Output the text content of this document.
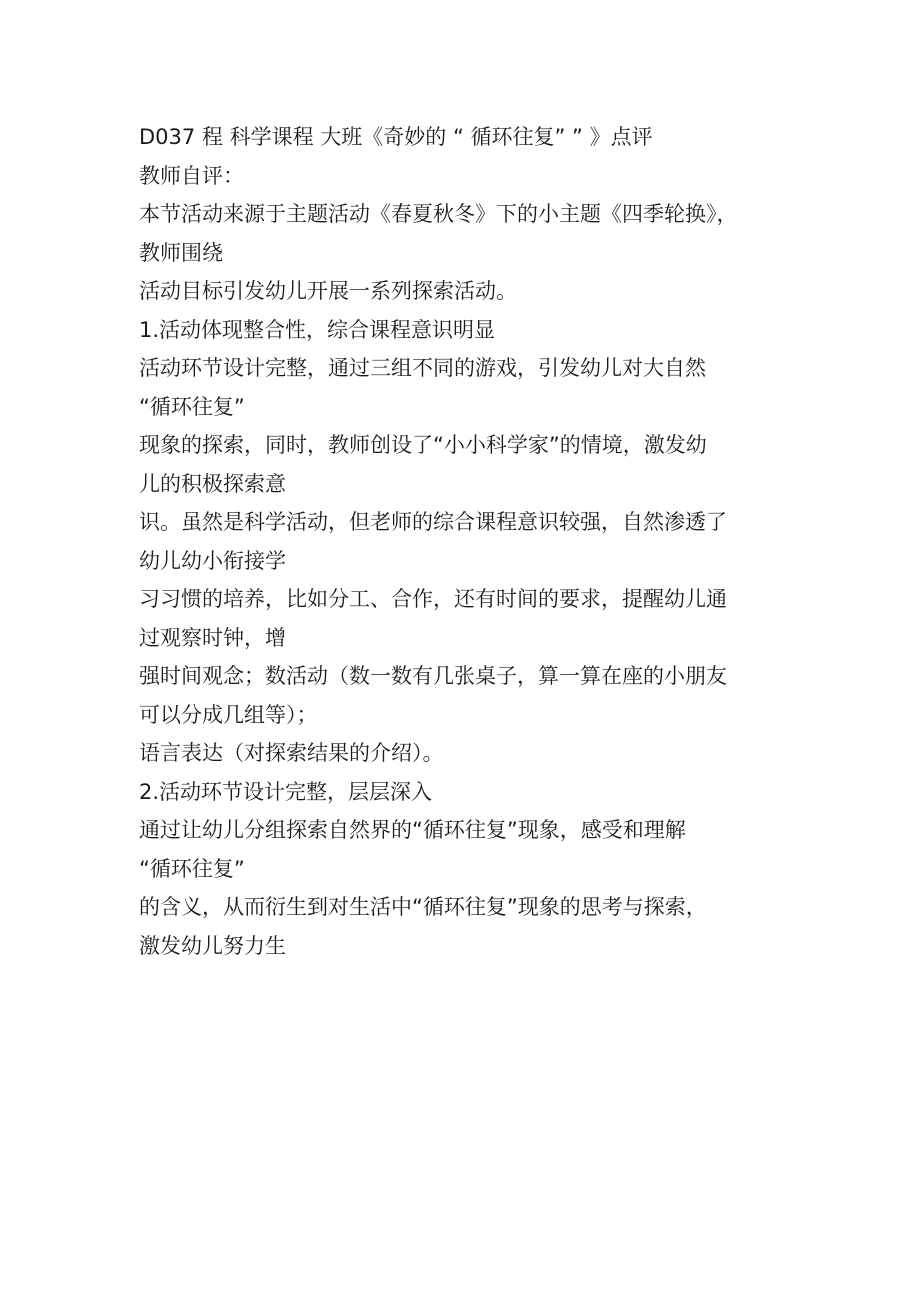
D037 程 科学课程 大班《奇妙的 “ 循环往复” ” 》点评
教师自评：
本节活动来源于主题活动《春夏秋冬》下的小主题《四季轮换》，
教师围绕
活动目标引发幼儿开展一系列探索活动。
1.活动体现整合性，综合课程意识明显
活动环节设计完整，通过三组不同的游戏，引发幼儿对大自然
“循环往复”
现象的探索，同时，教师创设了“小小科学家”的情境，激发幼
儿的积极探索意
识。虽然是科学活动，但老师的综合课程意识较强，自然渗透了
幼儿幼小衔接学
习习惯的培养，比如分工、合作，还有时间的要求，提醒幼儿通
过观察时钟，增
强时间观念；数活动（数一数有几张桌子，算一算在座的小朋友
可以分成几组等）；
语言表达（对探索结果的介绍）。
2.活动环节设计完整，层层深入
通过让幼儿分组探索自然界的“循环往复”现象，感受和理解
“循环往复”
的含义，从而衍生到对生活中“循环往复”现象的思考与探索，
激发幼儿努力生
